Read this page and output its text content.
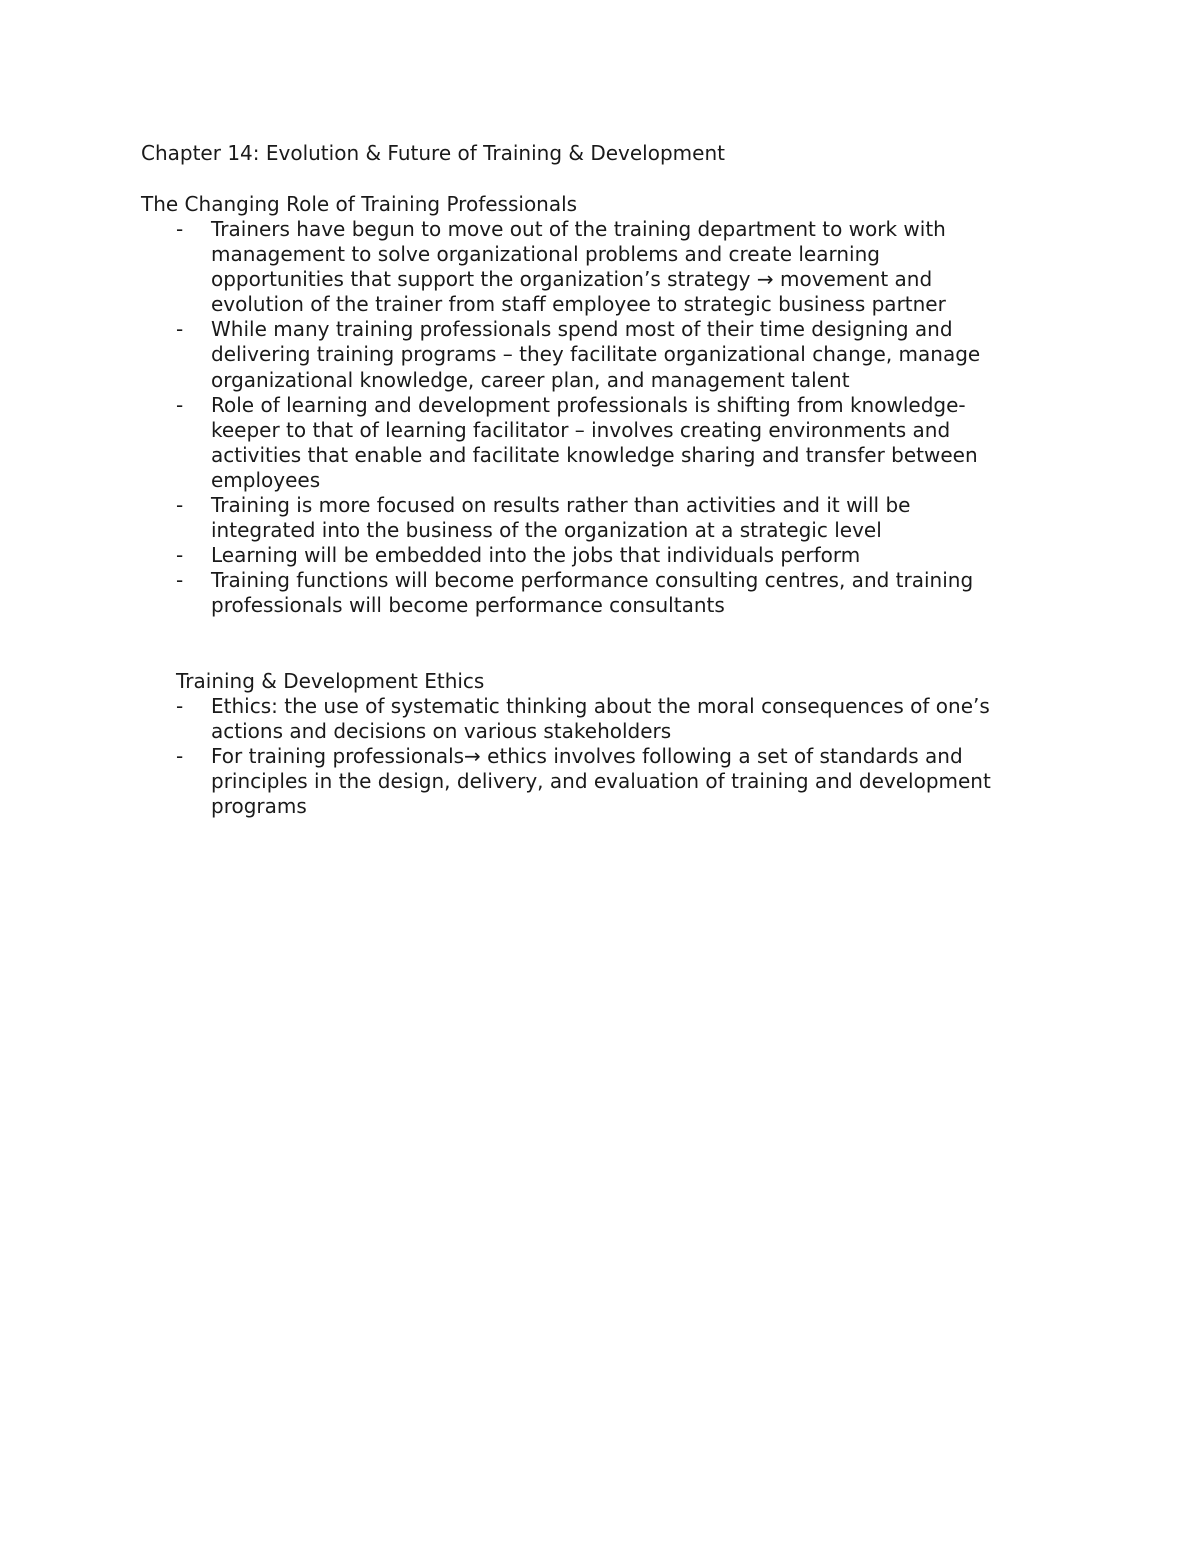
Chapter 14: Evolution & Future of Training & Development
The Changing Role of Training Professionals
- Trainers have begun to move out of the training department to work with
management to solve organizational problems and create learning
opportunities that support the organization’s strategy → movement and
evolution of the trainer from staff employee to strategic business partner
- While many training professionals spend most of their time designing and
delivering training programs – they facilitate organizational change, manage
organizational knowledge, career plan, and management talent
- Role of learning and development professionals is shifting from knowledge-
keeper to that of learning facilitator – involves creating environments and
activities that enable and facilitate knowledge sharing and transfer between
employees
- Training is more focused on results rather than activities and it will be
integrated into the business of the organization at a strategic level
- Learning will be embedded into the jobs that individuals perform
- Training functions will become performance consulting centres, and training
professionals will become performance consultants
Training & Development Ethics
- Ethics: the use of systematic thinking about the moral consequences of one’s
actions and decisions on various stakeholders
- For training professionals→ ethics involves following a set of standards and
principles in the design, delivery, and evaluation of training and development
programs
